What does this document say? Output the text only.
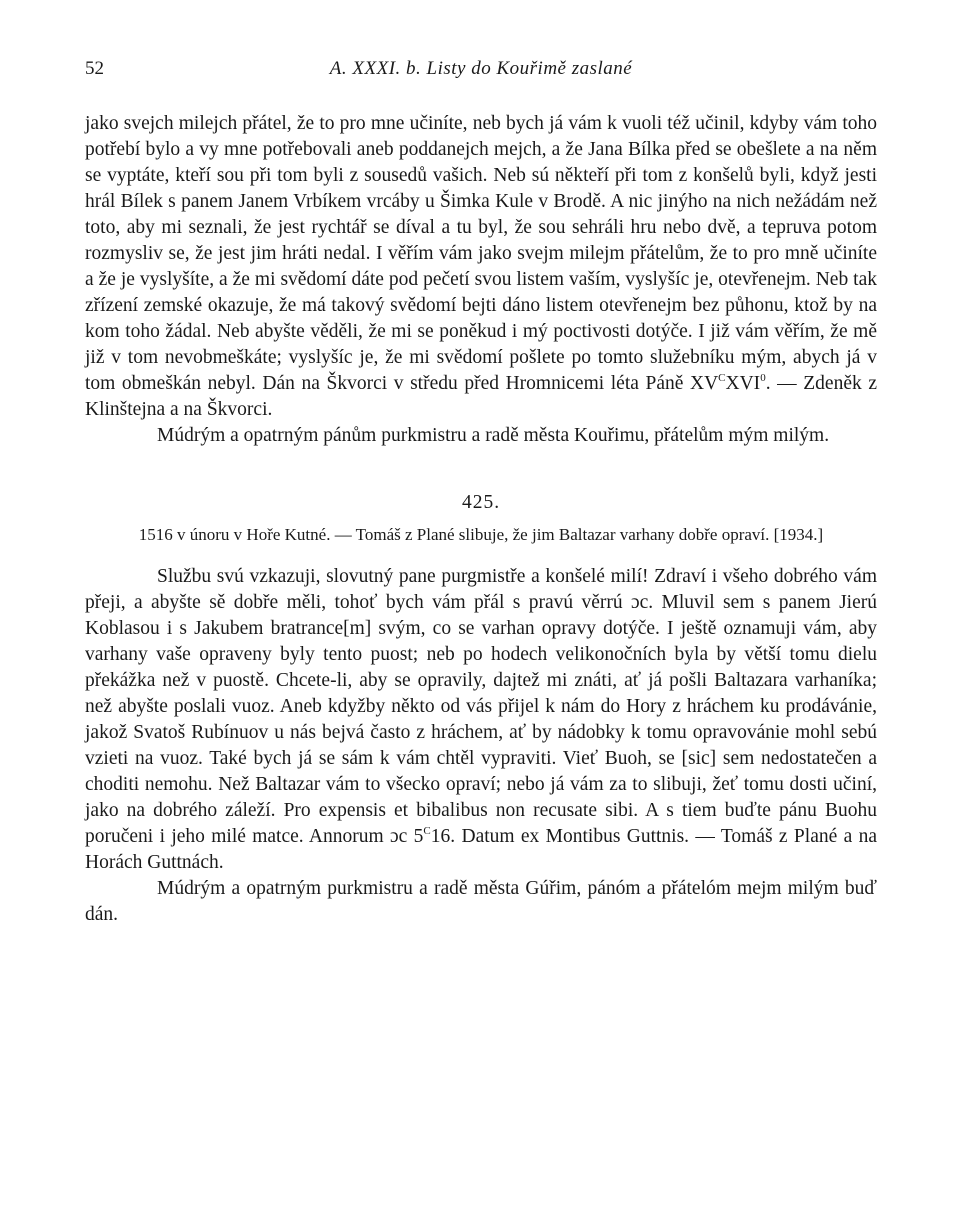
52	A. XXXI. b. Listy do Kouřimě zaslané

jako svejch milejch přátel, že to pro mne učiníte, neb bych já vám k vuoli též učinil, kdyby vám toho potřebí bylo a vy mne potřebovali aneb poddanejch mejch, a že Jana Bílka před se obešlete a na něm se vyptáte, kteří sou při tom byli z sousedů vašich. Neb sú někteří při tom z konšelů byli, když jesti hrál Bílek s panem Janem Vrbíkem vrcáby u Šimka Kule v Brodě. A nic jinýho na nich nežádám než toto, aby mi seznali, že jest rychtář se díval a tu byl, že sou sehráli hru nebo dvě, a tepruva potom rozmysliv se, že jest jim hráti nedal. I věřím vám jako svejm milejm přátelům, že to pro mně učiníte a že je vyslyšíte, a že mi svědomí dáte pod pečetí svou listem vaším, vyslyšíc je, otevřenejm. Neb tak zřízení zemské okazuje, že má takový svědomí bejti dáno listem otevřenejm bez půhonu, ktož by na kom toho žádal. Neb abyšte věděli, že mi se poněkud i mý poctivosti dotýče. I již vám věřím, že mě již v tom nevobmeškáte; vyslyšíc je, že mi svědomí pošlete po tomto služebníku mým, abych já v tom obmeškán nebyl. Dán na Škvorci v středu před Hromnicemi léta Páně $XV^CXVI^0$. — Zdeněk z Klinštejna a na Škvorci.

Múdrým a opatrným pánům purkmistru a radě města Kouřimu, přátelům mým milým.

425.

1516 v únoru v Hoře Kutné. — Tomáš z Plané slibuje, že jim Baltazar varhany dobře opraví. [1934.]

Službu svú vzkazuji, slovutný pane purgmistře a konšelé milí! Zdraví i všeho dobrého vám přeji, a abyšte sě dobře měli, tohoť bych vám přál s pravú věrrú ɔc. Mluvil sem s panem Jierú Koblasou i s Jakubem bratrance[m] svým, co se varhan opravy dotýče. I ještě oznamuji vám, aby varhany vaše opraveny byly tento puost; neb po hodech velikonočních byla by větší tomu dielu překážka než v puostě. Chcete-li, aby se opravily, dajtež mi znáti, ať já pošli Baltazara varhaníka; než abyšte poslali vuoz. Aneb kdyžby někto od vás přijel k nám do Hory z hráchem ku prodávánie, jakož Svatoš Rubínuov u nás bejvá často z hráchem, ať by nádobky k tomu opravovánie mohl sebú vzieti na vuoz. Také bych já se sám k vám chtěl vypraviti. Vieť Buoh, se [sic] sem nedostatečen a choditi nemohu. Než Baltazar vám to všecko opraví; nebo já vám za to slibuji, žeť tomu dosti učiní, jako na dobrého záleží. Pro expensis et bibalibus non recusate sibi. A s tiem buďte pánu Buohu poručeni i jeho milé matce. Annorum ɔc $5^C16$. Datum ex Montibus Guttnis. — Tomáš z Plané a na Horách Guttnách.

Múdrým a opatrným purkmistru a radě města Gúřim, pánóm a přátelóm mejm milým buď dán.
